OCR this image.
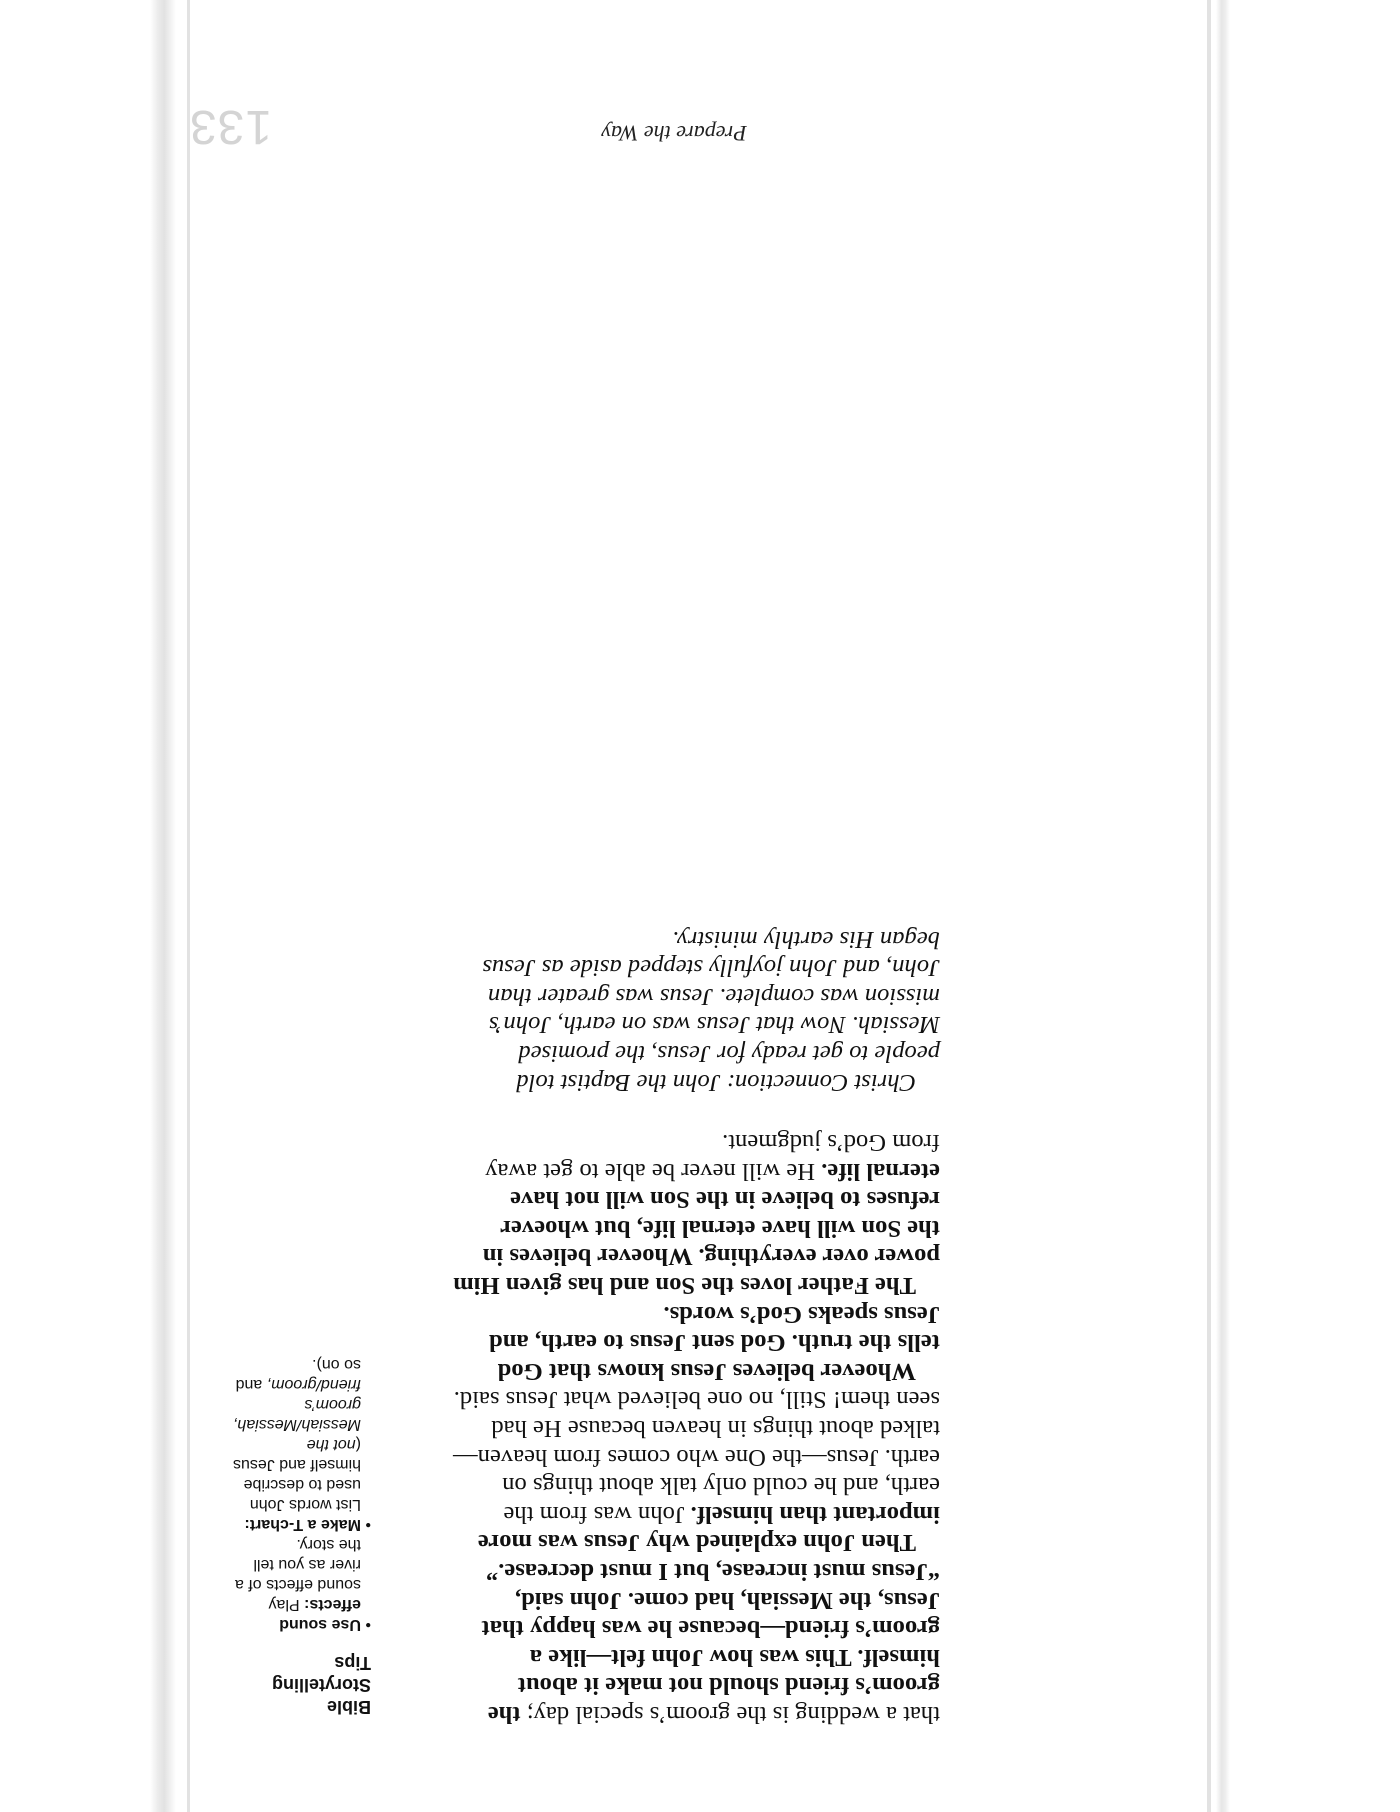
that a wedding is the groom’s special day; the groom’s friend should not make it about himself. This was how John felt—like a groom’s friend—because he was happy that Jesus, the Messiah, had come. John said, “Jesus must increase, but I must decrease.”

Then John explained why Jesus was more important than himself. John was from the earth, and he could only talk about things on earth. Jesus—the One who comes from heaven—talked about things in heaven because He had seen them! Still, no one believed what Jesus said.

Whoever believes Jesus knows that God tells the truth. God sent Jesus to earth, and Jesus speaks God’s words.

The Father loves the Son and has given Him power over everything. Whoever believes in the Son will have eternal life, but whoever refuses to believe in the Son will not have eternal life. He will never be able to get away from God’s judgment.

Christ Connection: John the Baptist told people to get ready for Jesus, the promised Messiah. Now that Jesus was on earth, John’s mission was complete. Jesus was greater than John, and John joyfully stepped aside as Jesus began His earthly ministry.

Bible Storytelling Tips
• Use sound effects: Play sound effects of a river as you tell the story.
• Make a T-chart: List words John used to describe himself and Jesus (not the Messiah/Messiah, groom’s friend/groom, and so on).
Prepare the Way
133
